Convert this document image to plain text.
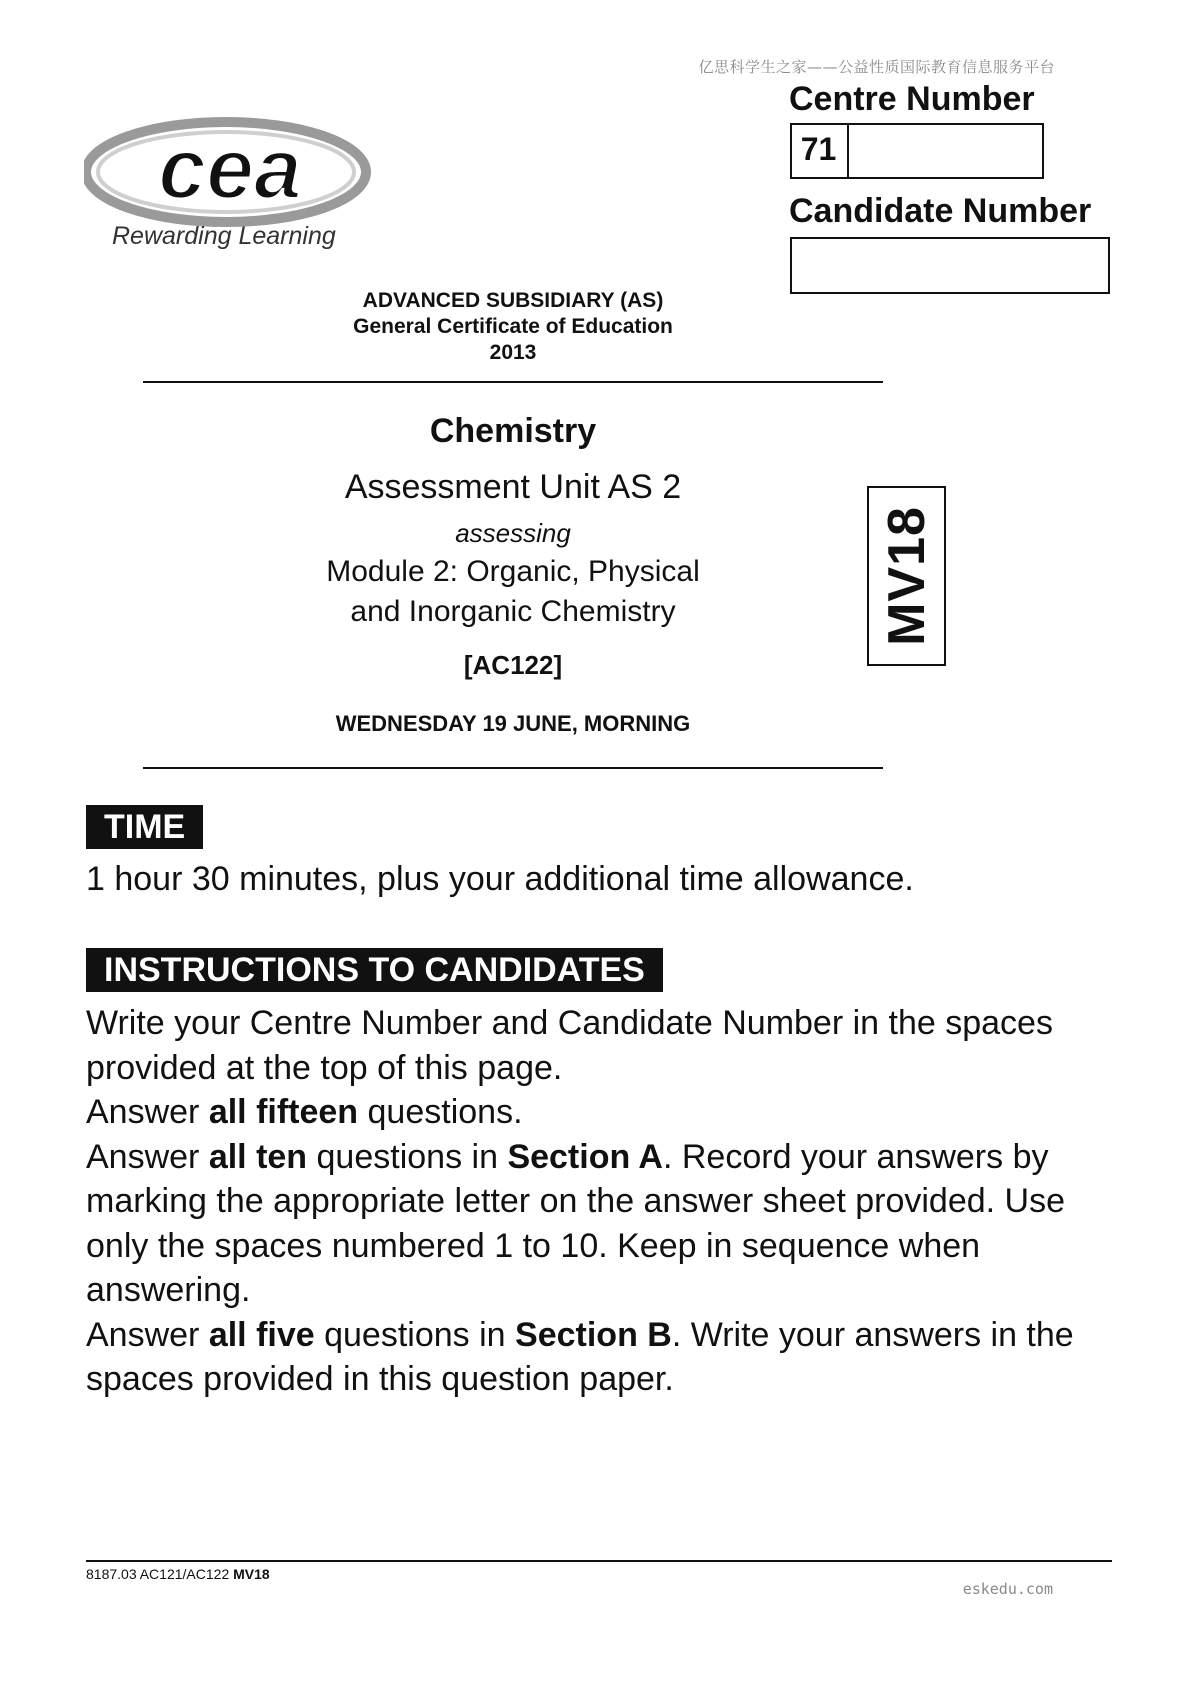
亿思科学生之家——公益性质国际教育信息服务平台
cea
Rewarding Learning
Centre Number
71
Candidate Number
ADVANCED SUBSIDIARY (AS)
General Certificate of Education
2013
Chemistry
Assessment Unit AS 2
assessing
Module 2: Organic, Physical
and Inorganic Chemistry
[AC122]
WEDNESDAY 19 JUNE, MORNING
MV18
TIME
1 hour 30 minutes, plus your additional time allowance.
INSTRUCTIONS TO CANDIDATES

Write your Centre Number and Candidate Number in the spaces provided at the top of this page.

Answer all fifteen questions.

Answer all ten questions in Section A. Record your answers by marking the appropriate letter on the answer sheet provided. Use only the spaces numbered 1 to 10. Keep in sequence when answering.

Answer all five questions in Section B. Write your answers in the spaces provided in this question paper.

8187.03 AC121/AC122 MV18
eskedu.com
